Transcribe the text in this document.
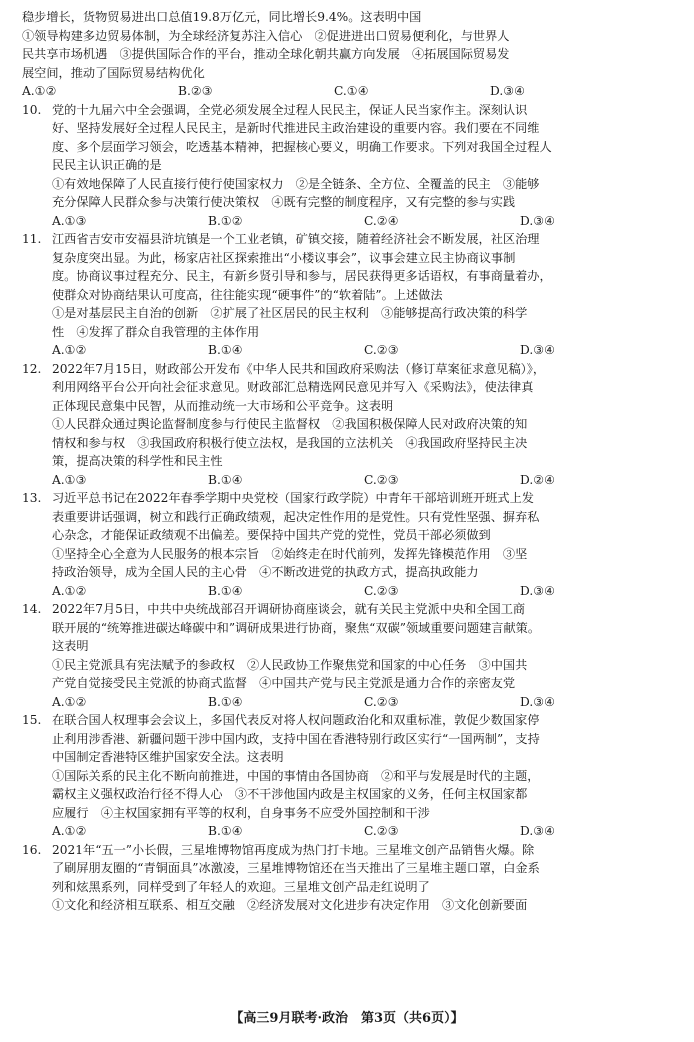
稳步增长，货物贸易进出口总值19.8万亿元，同比增长9.4%。这表明中国
①领导构建多边贸易体制，为全球经济复苏注入信心　②促进进出口贸易便利化，与世界人
民共享市场机遇　③提供国际合作的平台，推动全球化朝共赢方向发展　④拓展国际贸易发
展空间，推动了国际贸易结构优化
A.①②	B.②③	C.①④	D.③④
10. 党的十九届六中全会强调，全党必须发展全过程人民民主，保证人民当家作主。深刻认识
好、坚持发展好全过程人民民主，是新时代推进民主政治建设的重要内容。我们要在不同维
度、多个层面学习领会，吃透基本精神，把握核心要义，明确工作要求。下列对我国全过程人
民民主认识正确的是
①有效地保障了人民直接行使行使国家权力　②是全链条、全方位、全覆盖的民主　③能够
充分保障人民群众参与决策行使决策权　④既有完整的制度程序，又有完整的参与实践
A.①③	B.①②	C.②④	D.③④
11. 江西省吉安市安福县浒坑镇是一个工业老镇，矿镇交接，随着经济社会不断发展，社区治理
复杂度突出显。为此，杨家店社区探索推出“小楼议事会”，议事会建立民主协商议事制
度。协商议事过程充分、民主，有新乡贤引导和参与，居民获得更多话语权，有事商量着办，
使群众对协商结果认可度高，往往能实现“硬事件”的“软着陆”。上述做法
①是对基层民主自治的创新　②扩展了社区居民的民主权利　③能够提高行政决策的科学
性　④发挥了群众自我管理的主体作用
A.①②	B.①④	C.②③	D.③④
12. 2022年7月15日，财政部公开发布《中华人民共和国政府采购法（修订草案征求意见稿）》，
利用网络平台公开向社会征求意见。财政部汇总精选网民意见并写入《采购法》，使法律真
正体现民意集中民智，从而推动统一大市场和公平竞争。这表明
①人民群众通过舆论监督制度参与行使民主监督权　②我国积极保障人民对政府决策的知
情权和参与权　③我国政府积极行使立法权，是我国的立法机关　④我国政府坚持民主决
策，提高决策的科学性和民主性
A.①③	B.①④	C.②③	D.②④
13. 习近平总书记在2022年春季学期中央党校（国家行政学院）中青年干部培训班开班式上发
表重要讲话强调，树立和践行正确政绩观，起决定性作用的是党性。只有党性坚强、摒弃私
心杂念，才能保证政绩观不出偏差。要保持中国共产党的党性，党员干部必须做到
①坚持全心全意为人民服务的根本宗旨　②始终走在时代前列，发挥先锋模范作用　③坚
持政治领导，成为全国人民的主心骨　④不断改进党的执政方式，提高执政能力
A.①②	B.①④	C.②③	D.③④
14. 2022年7月5日，中共中央统战部召开调研协商座谈会，就有关民主党派中央和全国工商
联开展的“统筹推进碳达峰碳中和”调研成果进行协商，聚焦“双碳”领域重要问题建言献策。
这表明
①民主党派具有宪法赋予的参政权　②人民政协工作聚焦党和国家的中心任务　③中国共
产党自觉接受民主党派的协商式监督　④中国共产党与民主党派是通力合作的亲密友党
A.①②	B.①④	C.②③	D.③④
15. 在联合国人权理事会会议上，多国代表反对将人权问题政治化和双重标准，敦促少数国家停
止利用涉香港、新疆问题干涉中国内政，支持中国在香港特别行政区实行“一国两制”，支持
中国制定香港特区维护国家安全法。这表明
①国际关系的民主化不断向前推进，中国的事情由各国协商　②和平与发展是时代的主题，
霸权主义强权政治行径不得人心　③不干涉他国内政是主权国家的义务，任何主权国家都
应履行　④主权国家拥有平等的权利，自身事务不应受外国控制和干涉
A.①②	B.①④	C.②③	D.③④
16. 2021年“五一”小长假，三星堆博物馆再度成为热门打卡地。三星堆文创产品销售火爆。除
了刷屏朋友圈的“青铜面具”冰激凌，三星堆博物馆还在当天推出了三星堆主题口罩，白金系
列和炫黑系列，同样受到了年轻人的欢迎。三星堆文创产品走红说明了
①文化和经济相互联系、相互交融　②经济发展对文化进步有决定作用　③文化创新要面
【高三9月联考·政治　第3页（共6页）】
